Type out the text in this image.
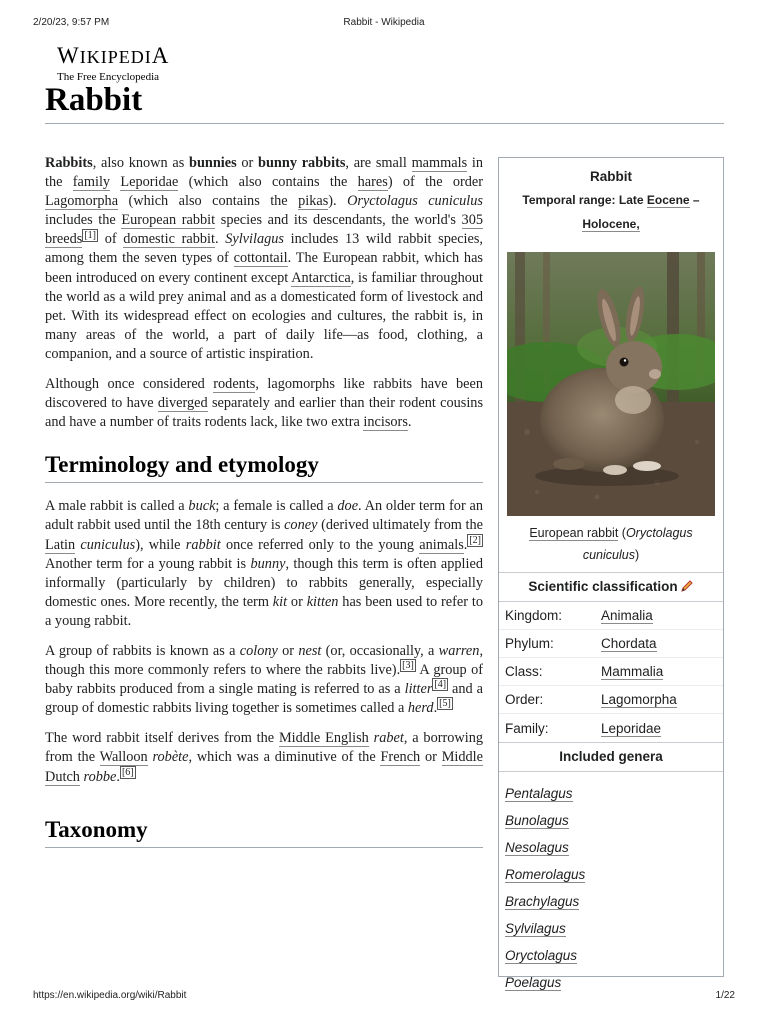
2/20/23, 9:57 PM	Rabbit - Wikipedia
WIKIPEDIA
The Free Encyclopedia
Rabbit

Rabbits, also known as bunnies or bunny rabbits, are small mammals in the family Leporidae (which also contains the hares) of the order Lagomorpha (which also contains the pikas). Oryctolagus cuniculus includes the European rabbit species and its descendants, the world's 305 breeds [1] of domestic rabbit. Sylvilagus includes 13 wild rabbit species, among them the seven types of cottontail. The European rabbit, which has been introduced on every continent except Antarctica, is familiar throughout the world as a wild prey animal and as a domesticated form of livestock and pet. With its widespread effect on ecologies and cultures, the rabbit is, in many areas of the world, a part of daily life—as food, clothing, a companion, and a source of artistic inspiration.

Although once considered rodents, lagomorphs like rabbits have been discovered to have diverged separately and earlier than their rodent cousins and have a number of traits rodents lack, like two extra incisors.

Terminology and etymology

A male rabbit is called a buck; a female is called a doe. An older term for an adult rabbit used until the 18th century is coney (derived ultimately from the Latin cuniculus), while rabbit once referred only to the young animals. [2] Another term for a young rabbit is bunny, though this term is often applied informally (particularly by children) to rabbits generally, especially domestic ones. More recently, the term kit or kitten has been used to refer to a young rabbit.

A group of rabbits is known as a colony or nest (or, occasionally, a warren, though this more commonly refers to where the rabbits live). [3] A group of baby rabbits produced from a single mating is referred to as a litter [4] and a group of domestic rabbits living together is sometimes called a herd. [5]

The word rabbit itself derives from the Middle English rabet, a borrowing from the Walloon robète, which was a diminutive of the French or Middle Dutch robbe. [6]

Taxonomy
Rabbit
Temporal range: Late Eocene –
Holocene,
European rabbit (Oryctolagus cuniculus)
Scientific classification
Kingdom:	Animalia
Phylum:	Chordata
Class:	Mammalia
Order:	Lagomorpha
Family:	Leporidae
Included genera
Pentalagus
Bunolagus
Nesolagus
Romerolagus
Brachylagus
Sylvilagus
Oryctolagus
Poelagus
https://en.wikipedia.org/wiki/Rabbit	1/22
